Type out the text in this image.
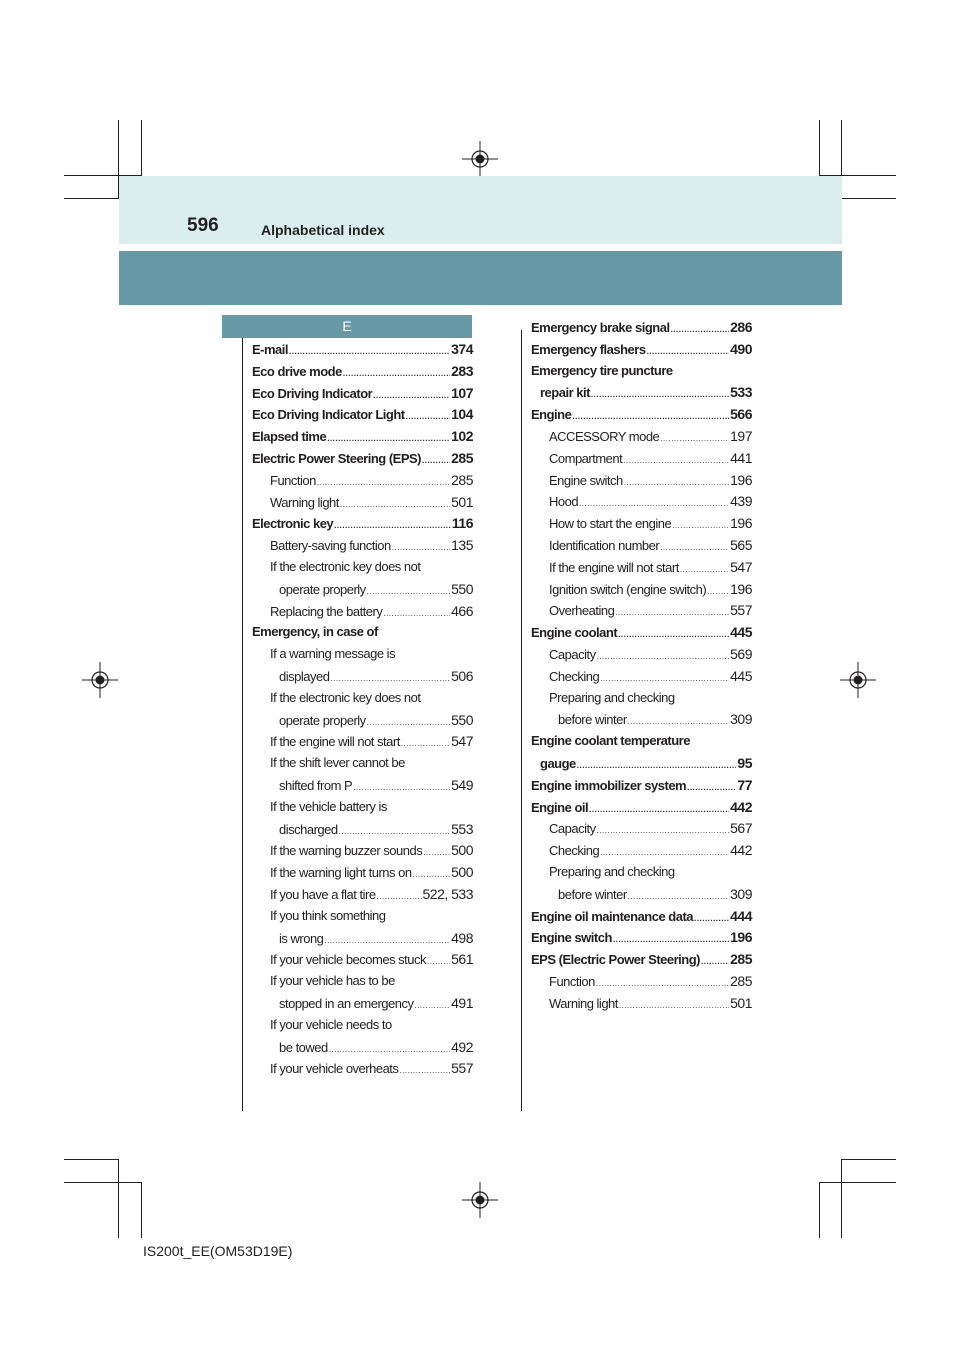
596	Alphabetical index
E
IS200t_EE(OM53D19E)
E-mail .....	374
Eco drive mode .....	283
Eco Driving Indicator .....	107
Eco Driving Indicator Light .....	104
Elapsed time .....	102
Electric Power Steering (EPS) ..... 285
Function .....	285
Warning light .....	501
Electronic key .....	116
Battery-saving function .....	135
If the electronic key does not
operate properly .....	550
Replacing the battery .....	466
Emergency, in case of
If a warning message is
displayed .....	506
If the electronic key does not
operate properly .....	550
If the engine will not start .....	547
If the shift lever cannot be
shifted from P .....	549
If the vehicle battery is
discharged .....	553
If the warning buzzer sounds ..... 500
If the warning light turns on .....	500
If you have a flat tire .....	522, 533
If you think something
is wrong .....	498
If your vehicle becomes stuck ..... 561
If your vehicle has to be
stopped in an emergency .....	491
If your vehicle needs to
be towed .....	492
If your vehicle overheats .....	557
Emergency brake signal .....	286
Emergency flashers .....	490
Emergency tire puncture
repair kit .....	533
Engine .....	566
ACCESSORY mode .....	197
Compartment .....	441
Engine switch .....	196
Hood .....	439
How to start the engine .....	196
Identification number .....	565
If the engine will not start .....	547
Ignition switch (engine switch) ..... 196
Overheating .....	557
Engine coolant .....	445
Capacity .....	569
Checking .....	445
Preparing and checking
before winter .....	309
Engine coolant temperature
gauge .....	95
Engine immobilizer system .....	77
Engine oil .....	442
Capacity .....	567
Checking .....	442
Preparing and checking
before winter .....	309
Engine oil maintenance data .....	444
Engine switch .....	196
EPS (Electric Power Steering) ..... 285
Function .....	285
Warning light .....	501
